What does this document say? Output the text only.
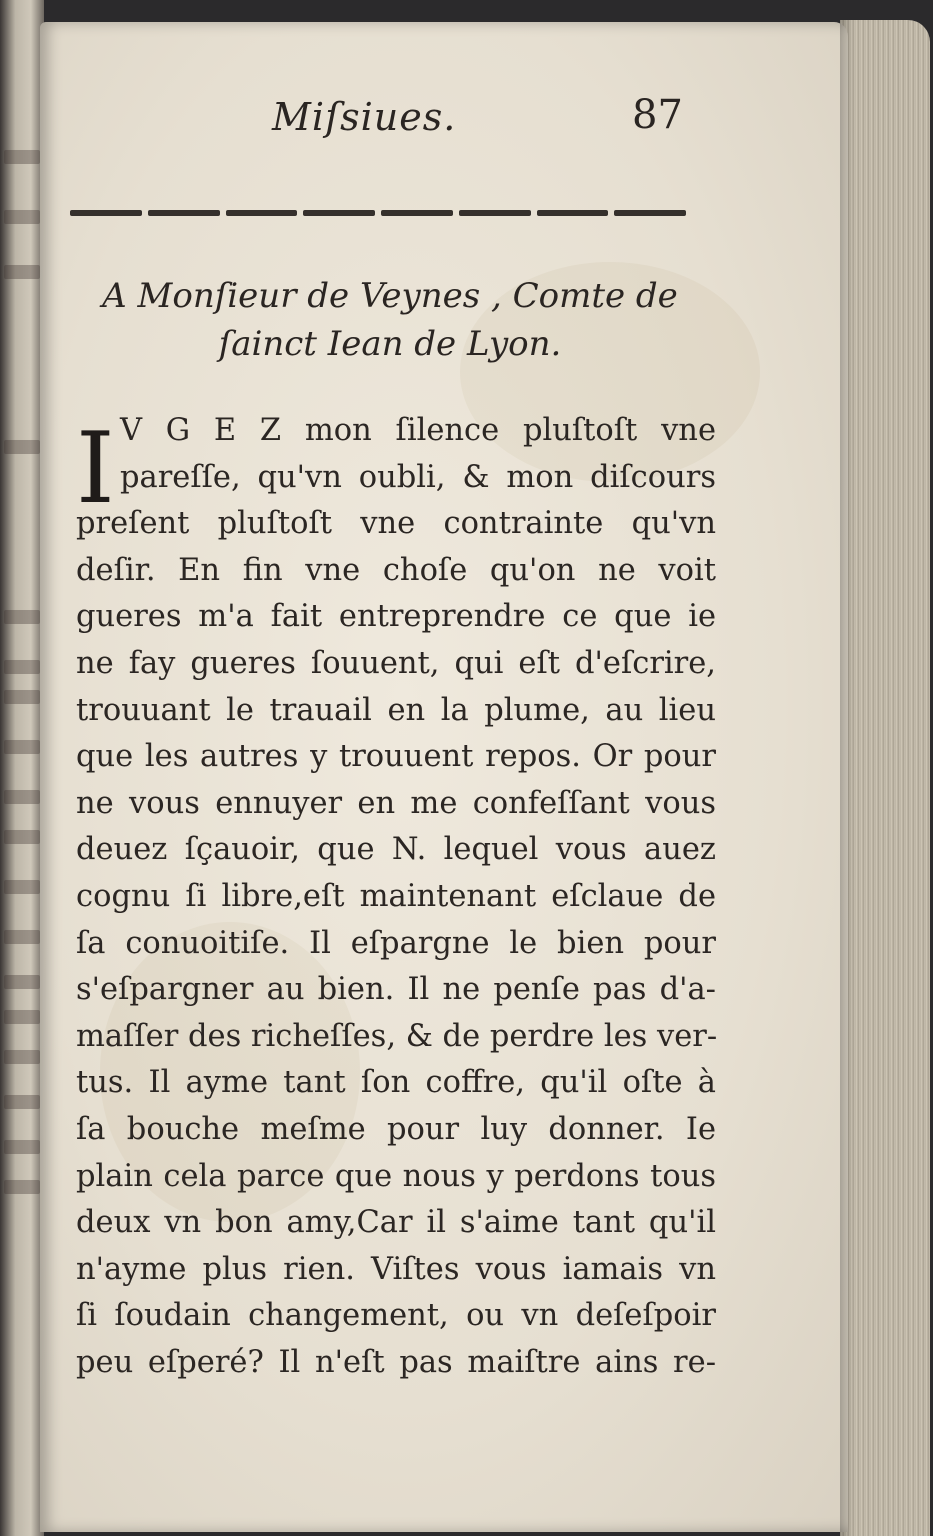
Miſsiues.	87
A Monſieur de Veynes , Comte de
ſainct Iean de Lyon.
I V G E Z mon ſilence pluſtoſt vne
pareſſe, qu'vn oubli, & mon diſcours
preſent pluſtoſt vne contrainte qu'vn
deſir. En fin vne choſe qu'on ne voit
gueres m'a fait entreprendre ce que ie
ne fay gueres ſouuent, qui eſt d'eſcrire,
trouuant le trauail en la plume, au lieu
que les autres y trouuent repos. Or pour
ne vous ennuyer en me confeſſant vous
deuez ſçauoir, que N. lequel vous auez
cognu ſi libre,eſt maintenant eſclaue de
ſa conuoitiſe. Il eſpargne le bien pour
s'eſpargner au bien. Il ne penſe pas d'a-
maſſer des richeſſes, & de perdre les ver-
tus. Il ayme tant ſon coffre, qu'il oſte à
ſa bouche meſme pour luy donner. Ie
plain cela parce que nous y perdons tous
deux vn bon amy,Car il s'aime tant qu'il
n'ayme plus rien. Viſtes vous iamais vn
ſi ſoudain changement, ou vn deſeſpoir
peu eſperé? Il n'eſt pas maiſtre ains re-
